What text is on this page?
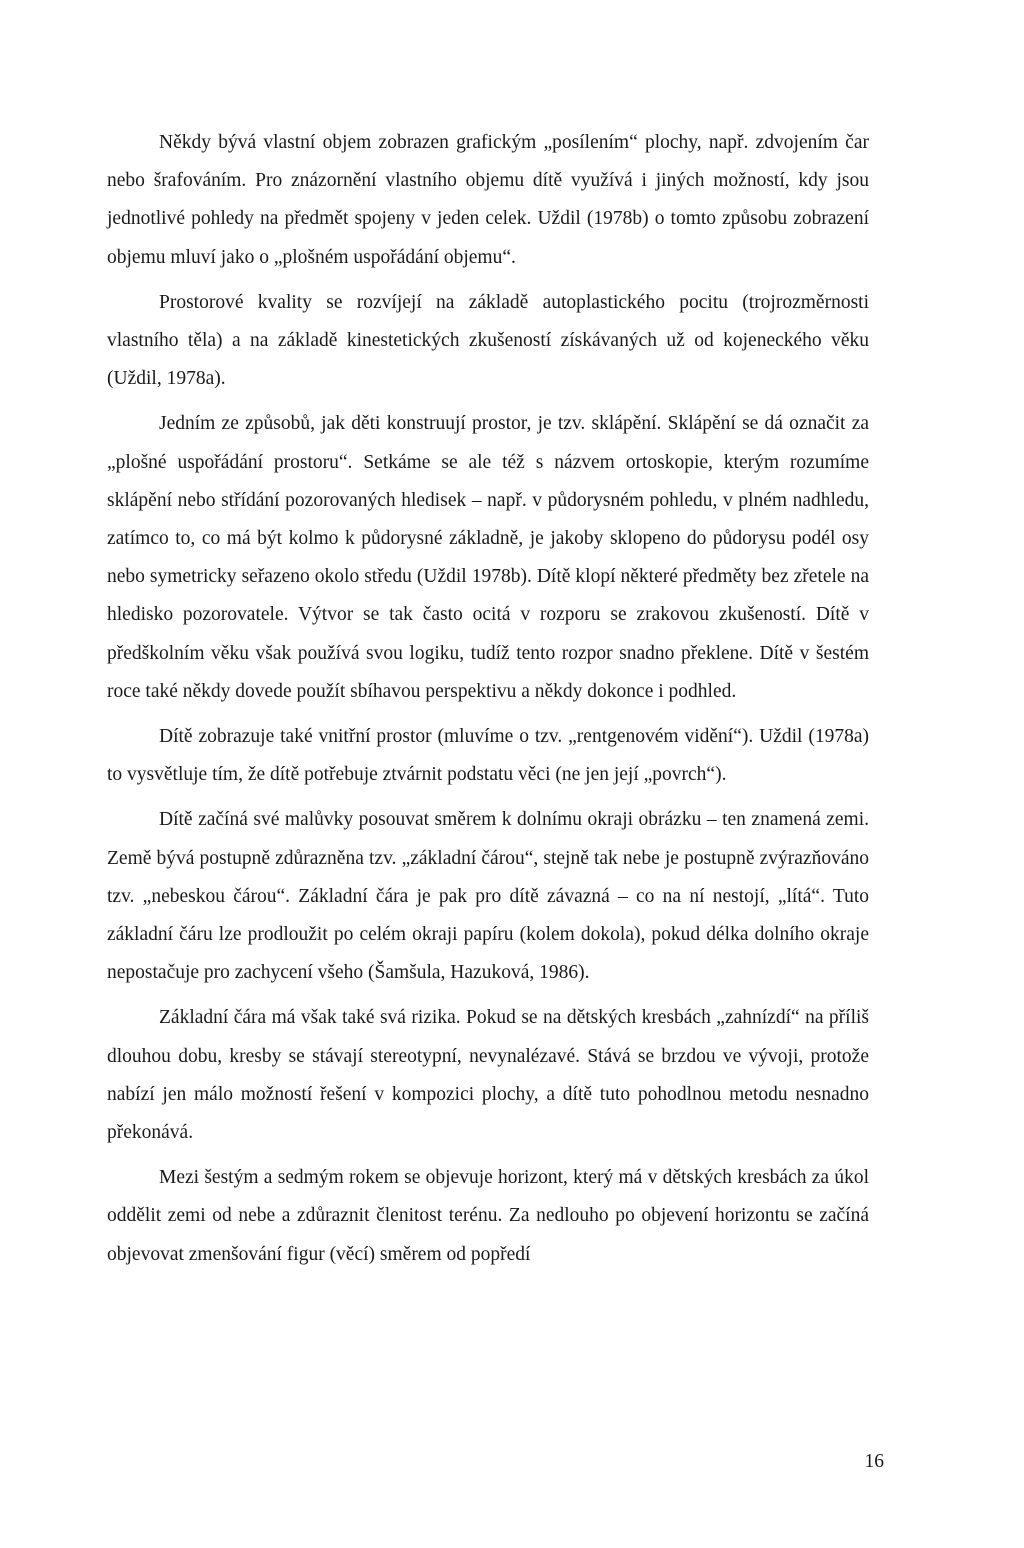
Někdy bývá vlastní objem zobrazen grafickým „posílením“ plochy, např. zdvojením čar nebo šrafováním. Pro znázornění vlastního objemu dítě využívá i jiných možností, kdy jsou jednotlivé pohledy na předmět spojeny v jeden celek. Uždil (1978b) o tomto způsobu zobrazení objemu mluví jako o „plošném uspořádání objemu“.

Prostorové kvality se rozvíjejí na základě autoplastického pocitu (trojrozměrnosti vlastního těla) a na základě kinestetických zkušeností získávaných už od kojeneckého věku (Uždil, 1978a).

Jedním ze způsobů, jak děti konstruují prostor, je tzv. sklápění. Sklápění se dá označit za „plošné uspořádání prostoru“. Setkáme se ale též s názvem ortoskopie, kterým rozumíme sklápění nebo střídání pozorovaných hledisek – např. v půdorysném pohledu, v plném nadhledu, zatímco to, co má být kolmo k půdorysné základně, je jakoby sklopeno do půdorysu podél osy nebo symetricky seřazeno okolo středu (Uždil 1978b). Dítě klopí některé předměty bez zřetele na hledisko pozorovatele. Výtvor se tak často ocitá v rozporu se zrakovou zkušeností. Dítě v předškolním věku však používá svou logiku, tudíž tento rozpor snadno překlene. Dítě v šestém roce také někdy dovede použít sbíhavou perspektivu a někdy dokonce i podhled.

Dítě zobrazuje také vnitřní prostor (mluvíme o tzv. „rentgenovém vidění“). Uždil (1978a) to vysvětluje tím, že dítě potřebuje ztvárnit podstatu věci (ne jen její „povrch“).

Dítě začíná své malůvky posouvat směrem k dolnímu okraji obrázku – ten znamená zemi. Země bývá postupně zdůrazněna tzv. „základní čárou“, stejně tak nebe je postupně zvýrazňováno tzv. „nebeskou čárou“. Základní čára je pak pro dítě závazná – co na ní nestojí, „lítá“. Tuto základní čáru lze prodloužit po celém okraji papíru (kolem dokola), pokud délka dolního okraje nepostačuje pro zachycení všeho (Šamšula, Hazuková, 1986).

Základní čára má však také svá rizika. Pokud se na dětských kresbách „zahnízdí“ na příliš dlouhou dobu, kresby se stávají stereotypní, nevynalézavé. Stává se brzdou ve vývoji, protože nabízí jen málo možností řešení v kompozici plochy, a dítě tuto pohodlnou metodu nesnadno překonává.

Mezi šestým a sedmým rokem se objevuje horizont, který má v dětských kresbách za úkol oddělit zemi od nebe a zdůraznit členitost terénu. Za nedlouho po objevení horizontu se začíná objevovat zmenšování figur (věcí) směrem od popředí

16
